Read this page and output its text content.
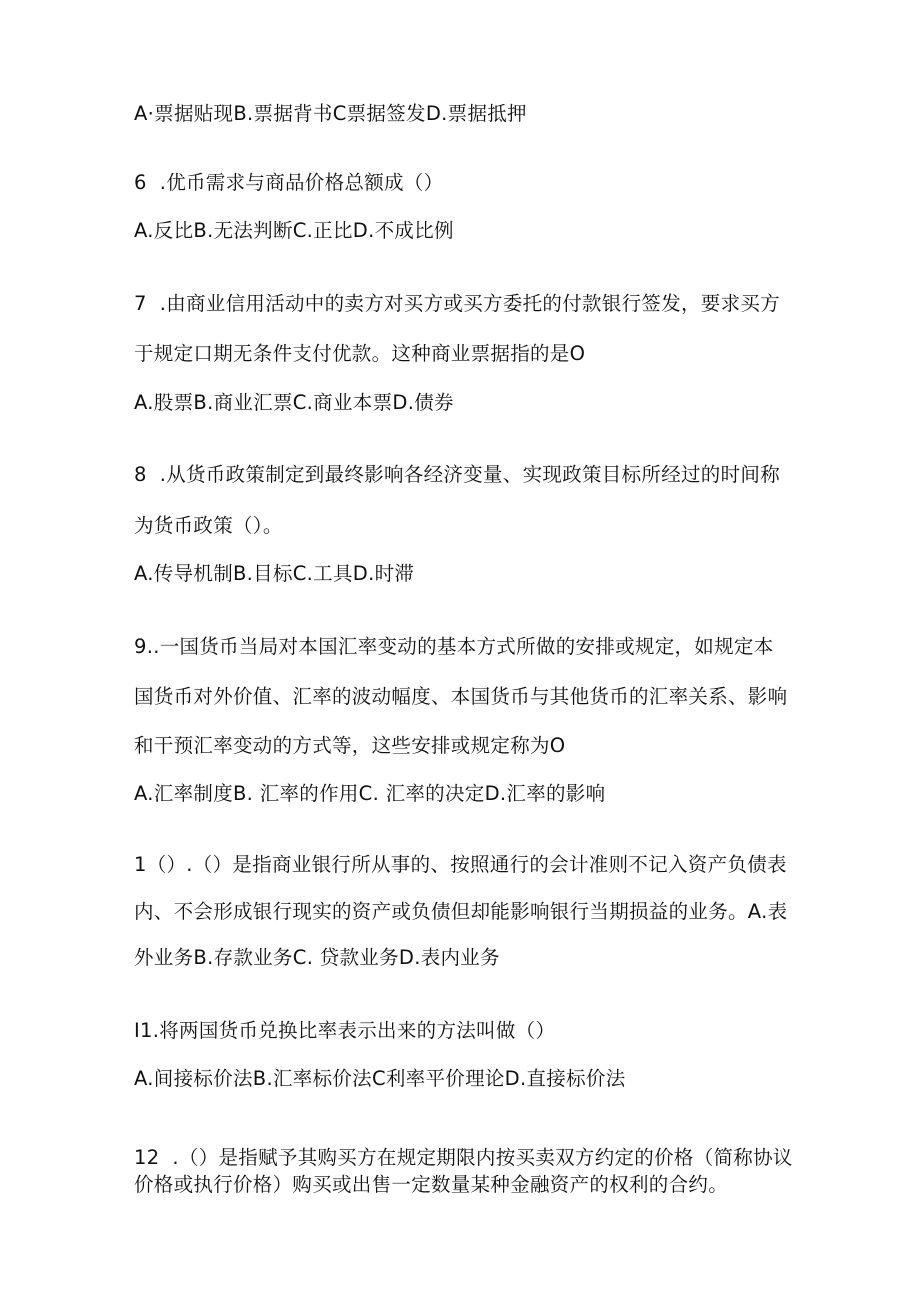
A·票据贴现B.票据背书C票据签发D.票据抵押
6  .优币需求与商品价格总额成（）
A.反比B.无法判断C.正比D.不成比例
7  .由商业信用活动中的卖方对买方或买方委托的付款银行签发，要求买方
于规定口期无条件支付优款。这种商业票据指的是O
A.股票B.商业汇票C.商业本票D.债券
8  .从货币政策制定到最终影响各经济变量、实现政策目标所经过的时间称
为货币政策（）。
A.传导机制B.目标C.工具D.时滞
9..一国货币当局对本国汇率变动的基本方式所做的安排或规定，如规定本
国货币对外价值、汇率的波动幅度、本国货币与其他货币的汇率关系、影响
和干预汇率变动的方式等，这些安排或规定称为O
A.汇率制度B. 汇率的作用C. 汇率的决定D.汇率的影响
1（）.（）是指商业银行所从事的、按照通行的会计准则不记入资产负债表
内、不会形成银行现实的资产或负债但却能影响银行当期损益的业务。A.表
外业务B.存款业务C. 贷款业务D.表内业务
I1.将两国货币兑换比率表示出来的方法叫做（）
A.间接标价法B.汇率标价法C利率平价理论D.直接标价法
12  .（）是指赋予其购买方在规定期限内按买卖双方约定的价格（简称协议
价格或执行价格）购买或出售一定数量某种金融资产的权利的合约。
